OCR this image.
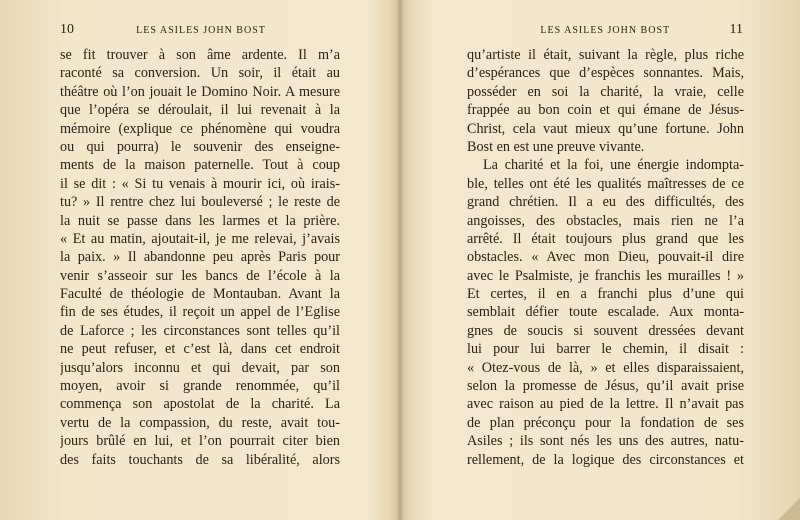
10	LES ASILES JOHN BOST
se fit trouver à son âme ardente. Il m’a
raconté sa conversion. Un soir, il était au
théâtre où l’on jouait le Domino Noir. A mesure
que l’opéra se déroulait, il lui revenait à la
mémoire (explique ce phénomène qui voudra
ou qui pourra) le souvenir des enseigne-
ments de la maison paternelle. Tout à coup
il se dit : « Si tu venais à mourir ici, où irais-
tu? » Il rentre chez lui bouleversé ; le reste de
la nuit se passe dans les larmes et la prière.
« Et au matin, ajoutait-il, je me relevai, j’avais
la paix. » Il abandonne peu après Paris pour
venir s’asseoir sur les bancs de l’école à la
Faculté de théologie de Montauban. Avant la
fin de ses études, il reçoit un appel de l’Eglise
de Laforce ; les circonstances sont telles qu’il
ne peut refuser, et c’est là, dans cet endroit
jusqu’alors inconnu et qui devait, par son
moyen, avoir si grande renommée, qu’il
commença son apostolat de la charité. La
vertu de la compassion, du reste, avait tou-
jours brûlé en lui, et l’on pourrait citer bien
des faits touchants de sa libéralité, alors
LES ASILES JOHN BOST	11
qu’artiste il était, suivant la règle, plus riche
d’espérances que d’espèces sonnantes. Mais,
posséder en soi la charité, la vraie, celle
frappée au bon coin et qui émane de Jésus-
Christ, cela vaut mieux qu’une fortune. John
Bost en est une preuve vivante.
La charité et la foi, une énergie indompta-
ble, telles ont été les qualités maîtresses de ce
grand chrétien. Il a eu des difficultés, des
angoisses, des obstacles, mais rien ne l’a
arrêté. Il était toujours plus grand que les
obstacles. « Avec mon Dieu, pouvait-il dire
avec le Psalmiste, je franchis les murailles ! »
Et certes, il en a franchi plus d’une qui
semblait défier toute escalade. Aux monta-
gnes de soucis si souvent dressées devant
lui pour lui barrer le chemin, il disait :
« Otez-vous de là, » et elles disparaissaient,
selon la promesse de Jésus, qu’il avait prise
avec raison au pied de la lettre. Il n’avait pas
de plan préconçu pour la fondation de ses
Asiles ; ils sont nés les uns des autres, natu-
rellement, de la logique des circonstances et
